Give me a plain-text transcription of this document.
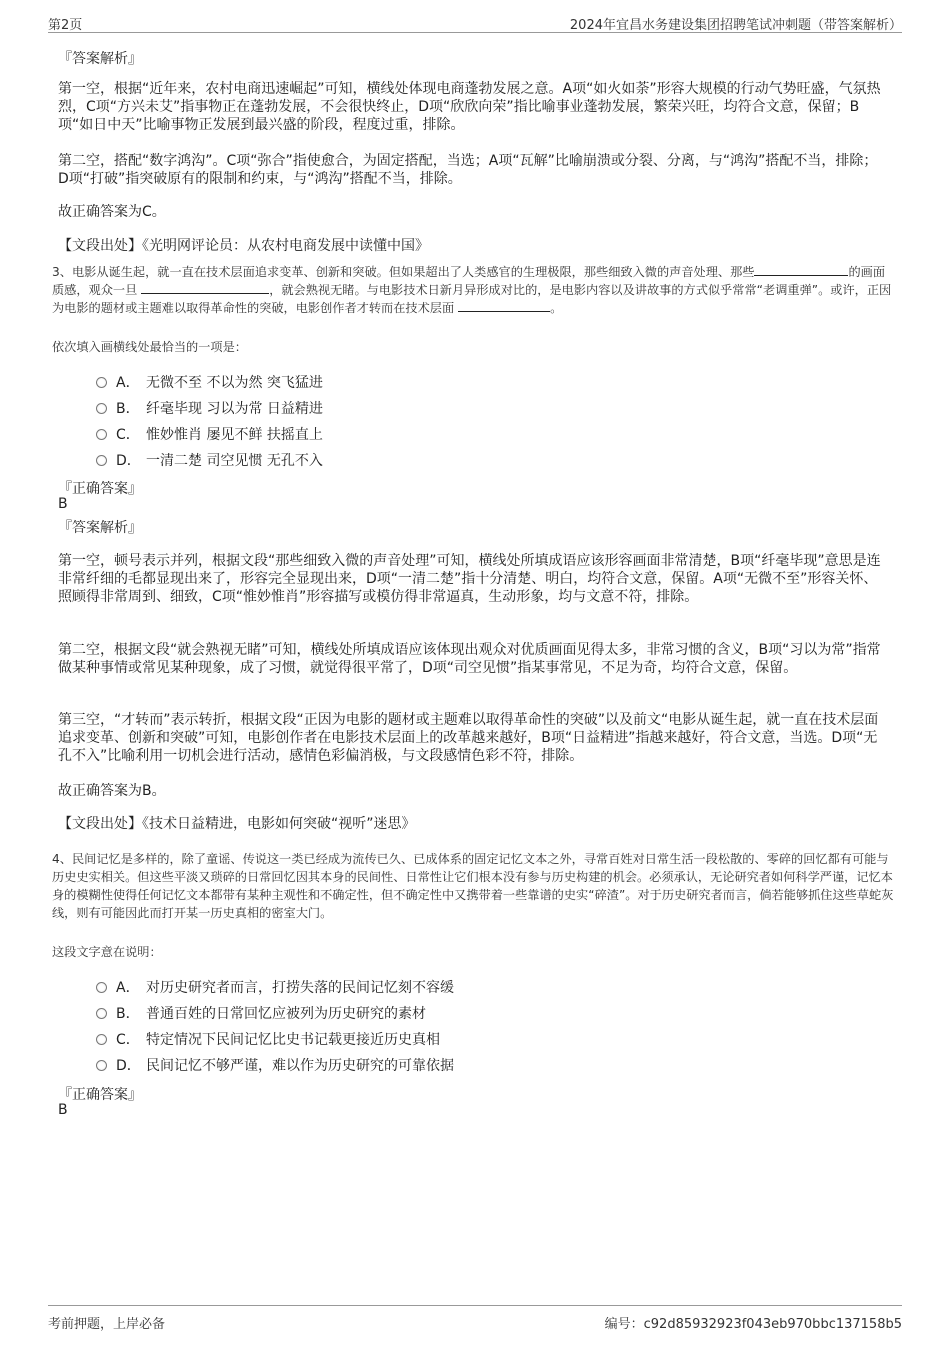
第2页	2024年宜昌水务建设集团招聘笔试冲刺题（带答案解析）
『答案解析』
第一空，根据“近年来，农村电商迅速崛起”可知，横线处体现电商蓬勃发展之意。A项“如火如荼”形容大规模的行动气势旺盛，气氛热烈，C项“方兴未艾”指事物正在蓬勃发展，不会很快终止，D项“欣欣向荣”指比喻事业蓬勃发展，繁荣兴旺，均符合文意，保留；B项“如日中天”比喻事物正发展到最兴盛的阶段，程度过重，排除。
第二空，搭配“数字鸿沟”。C项“弥合”指使愈合，为固定搭配，当选；A项“瓦解”比喻崩溃或分裂、分离，与“鸿沟”搭配不当，排除；D项“打破”指突破原有的限制和约束，与“鸿沟”搭配不当，排除。
故正确答案为C。
【文段出处】《光明网评论员：从农村电商发展中读懂中国》
3、电影从诞生起，就一直在技术层面追求变革、创新和突破。但如果超出了人类感官的生理极限，那些细致入微的声音处理、那些	的画面质感，观众一旦	，就会熟视无睹。与电影技术日新月异形成对比的，是电影内容以及讲故事的方式似乎常常“老调重弹”。或许，正因为电影的题材或主题难以取得革命性的突破，电影创作者才转而在技术层面	。
依次填入画横线处最恰当的一项是：
A． 无微不至 不以为然 突飞猛进
B． 纤毫毕现 习以为常 日益精进
C． 惟妙惟肖 屡见不鲜 扶摇直上
D． 一清二楚 司空见惯 无孔不入
『正确答案』
B
『答案解析』
第一空，顿号表示并列，根据文段“那些细致入微的声音处理”可知，横线处所填成语应该形容画面非常清楚，B项“纤毫毕现”意思是连非常纤细的毛都显现出来了，形容完全显现出来，D项“一清二楚”指十分清楚、明白，均符合文意，保留。A项“无微不至”形容关怀、照顾得非常周到、细致，C项“惟妙惟肖”形容描写或模仿得非常逼真，生动形象，均与文意不符，排除。
第二空，根据文段“就会熟视无睹”可知，横线处所填成语应该体现出观众对优质画面见得太多，非常习惯的含义，B项“习以为常”指常做某种事情或常见某种现象，成了习惯，就觉得很平常了，D项“司空见惯”指某事常见，不足为奇，均符合文意，保留。
第三空，“才转而”表示转折，根据文段“正因为电影的题材或主题难以取得革命性的突破”以及前文“电影从诞生起，就一直在技术层面追求变革、创新和突破”可知，电影创作者在电影技术层面上的改革越来越好，B项“日益精进”指越来越好，符合文意，当选。D项“无孔不入”比喻利用一切机会进行活动，感情色彩偏消极，与文段感情色彩不符，排除。
故正确答案为B。
【文段出处】《技术日益精进，电影如何突破“视听”迷思》
4、民间记忆是多样的，除了童谣、传说这一类已经成为流传已久、已成体系的固定记忆文本之外，寻常百姓对日常生活一段松散的、零碎的回忆都有可能与历史史实相关。但这些平淡又琐碎的日常回忆因其本身的民间性、日常性让它们根本没有参与历史构建的机会。必须承认，无论研究者如何科学严谨，记忆本身的模糊性使得任何记忆文本都带有某种主观性和不确定性，但不确定性中又携带着一些靠谱的史实“碎渣”。对于历史研究者而言，倘若能够抓住这些草蛇灰线，则有可能因此而打开某一历史真相的密室大门。
这段文字意在说明：
A． 对历史研究者而言，打捞失落的民间记忆刻不容缓
B． 普通百姓的日常回忆应被列为历史研究的素材
C． 特定情况下民间记忆比史书记载更接近历史真相
D． 民间记忆不够严谨，难以作为历史研究的可靠依据
『正确答案』
B
考前押题，上岸必备	编号：c92d85932923f043eb970bbc137158b5
